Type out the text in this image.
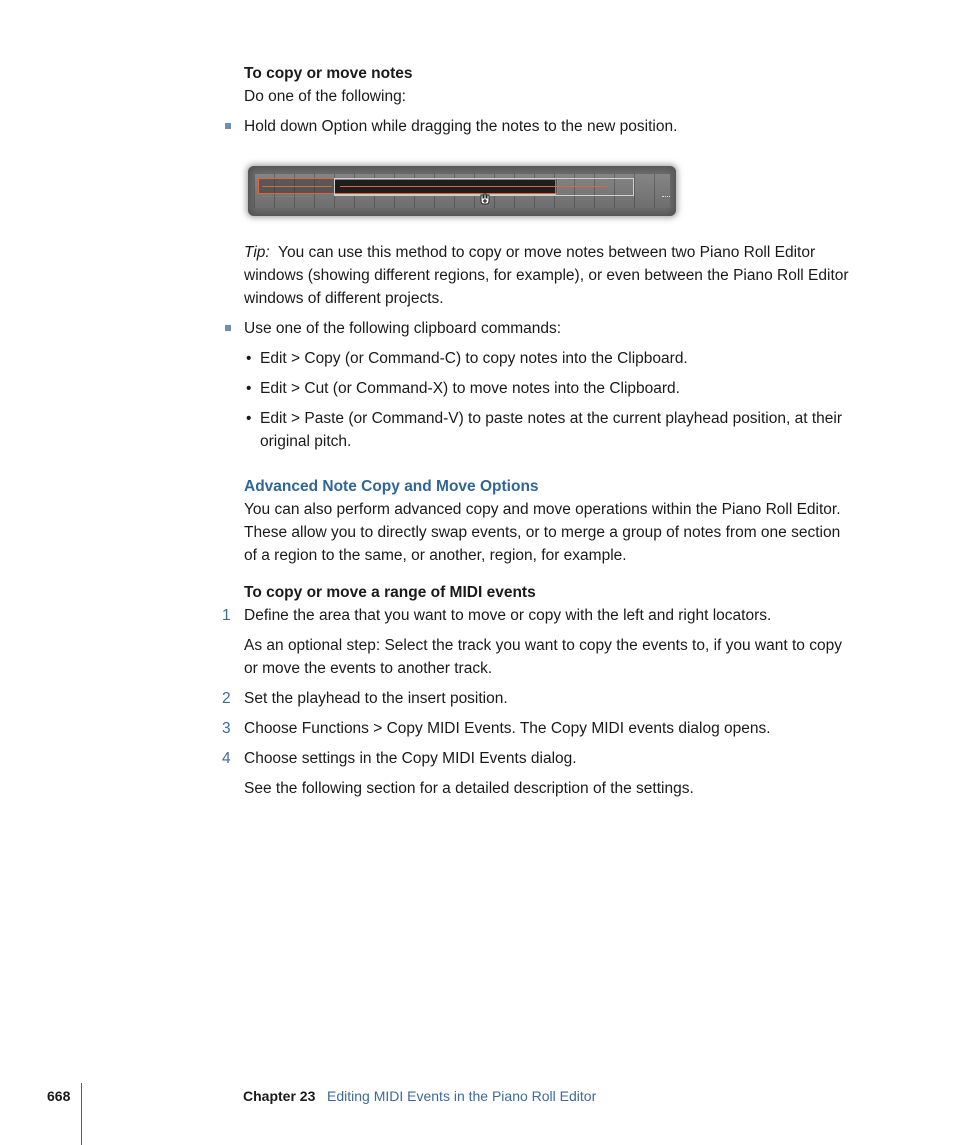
To copy or move notes
Do one of the following:
Hold down Option while dragging the notes to the new position.
Tip: You can use this method to copy or move notes between two Piano Roll Editor
windows (showing different regions, for example), or even between the Piano Roll Editor
windows of different projects.
Use one of the following clipboard commands:
• Edit > Copy (or Command-C) to copy notes into the Clipboard.
• Edit > Cut (or Command-X) to move notes into the Clipboard.
• Edit > Paste (or Command-V) to paste notes at the current playhead position, at their
original pitch.
Advanced Note Copy and Move Options
You can also perform advanced copy and move operations within the Piano Roll Editor.
These allow you to directly swap events, or to merge a group of notes from one section
of a region to the same, or another, region, for example.
To copy or move a range of MIDI events
1 Define the area that you want to move or copy with the left and right locators.
As an optional step: Select the track you want to copy the events to, if you want to copy
or move the events to another track.
2 Set the playhead to the insert position.
3 Choose Functions > Copy MIDI Events. The Copy MIDI events dialog opens.
4 Choose settings in the Copy MIDI Events dialog.
See the following section for a detailed description of the settings.
668	Chapter 23 Editing MIDI Events in the Piano Roll Editor
